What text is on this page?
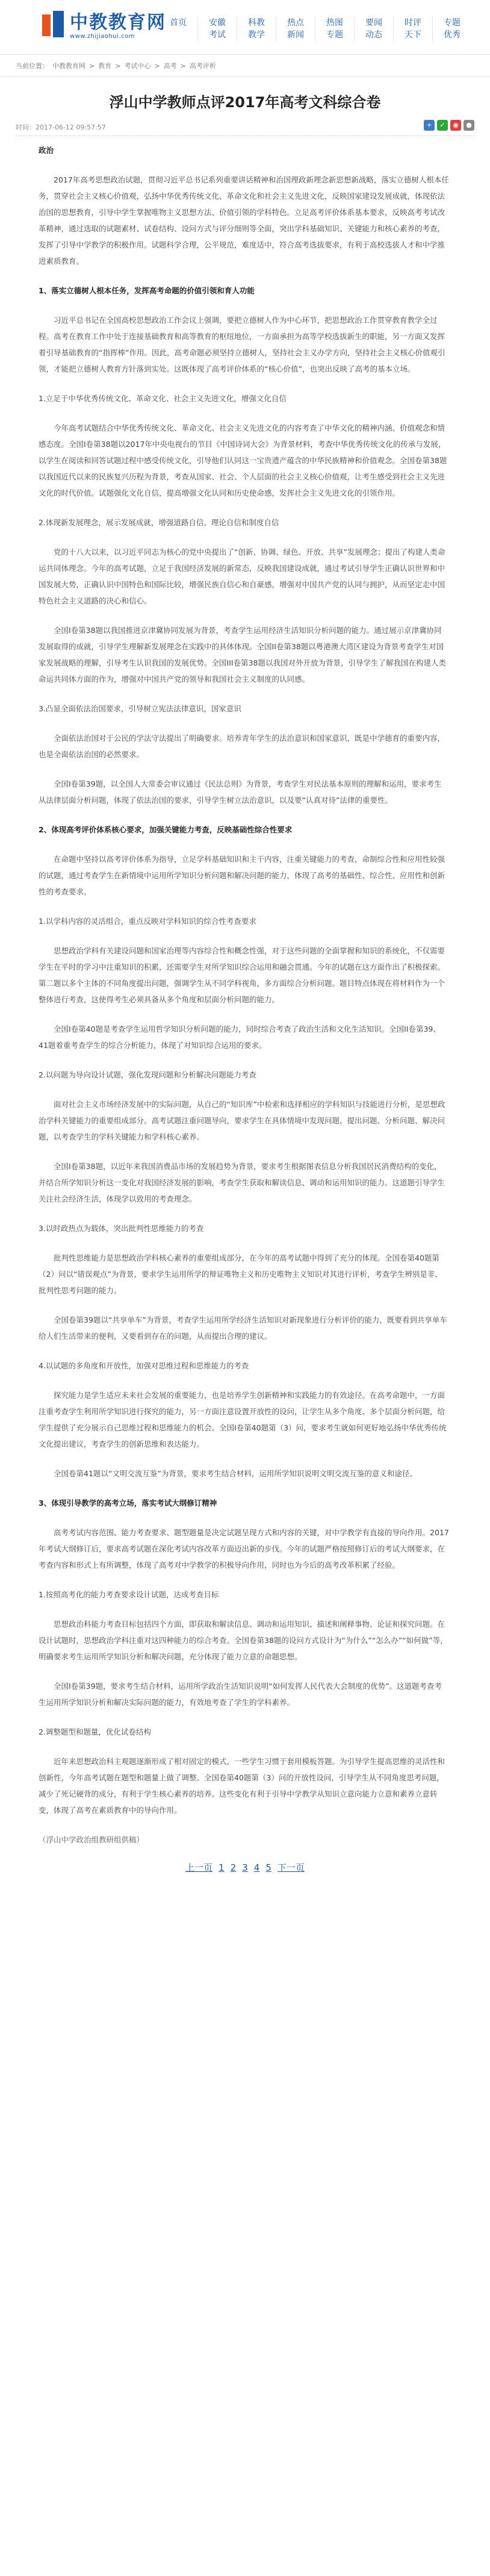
中教教育网
www.zhijiaohui.com
首页	安徽
考试
科教
教学
热点
新闻
热图
专题
要闻
动态
时评
天下
专题
优秀
当前位置： 中教教育网 > 教育 > 考试中心 > 高考 > 高考评析
浮山中学教师点评2017年高考文科综合卷
时间：2017-06-12 09:57:57	+	✓	◉	●

政治

2017年高考思想政治试题，贯彻习近平总书记系列重要讲话精神和治国理政新理念新思想新战略，落实立德树人根本任务，贯穿社会主义核心价值观，弘扬中华优秀传统文化、革命文化和社会主义先进文化，反映国家建设发展成就，体现依法治国的思想教育，引导中学生掌握唯物主义思想方法、价值引领的学科特色。立足高考评价体系基本要求，反映高考考试改革精神，通过选取的试题素材、试卷结构、设问方式与评分细则等全面，突出学科基础知识、关键能力和核心素养的考查，发挥了引导中学教学的积极作用。试题科学合理，公平规范，难度适中，符合高考选拔要求，有利于高校选拔人才和中学推进素质教育。

1、落实立德树人根本任务，发挥高考命题的价值引领和育人功能

习近平总书记在全国高校思想政治工作会议上强调，要把立德树人作为中心环节，把思想政治工作贯穿教育教学全过程。高考在教育工作中处于连接基础教育和高等教育的枢纽地位，一方面承担为高等学校选拔新生的职能，另一方面又发挥着引导基础教育的“指挥棒”作用。因此，高考命题必须坚持立德树人，坚持社会主义办学方向，坚持社会主义核心价值观引领，才能把立德树人教育方针落到实处。这既体现了高考评价体系的“核心价值”，也突出反映了高考的基本立场。

1.立足于中华优秀传统文化、革命文化、社会主义先进文化，增强文化自信

今年高考试题结合中华优秀传统文化、革命文化、社会主义先进文化的内容考查了中华文化的精神内涵、价值观念和情感态度。全国I卷第38题以2017年中央电视台的节目《中国诗词大会》为背景材料，考查中华优秀传统文化的传承与发展，以学生在阅读和回答试题过程中感受传统文化，引导他们认同这一宝贵遗产蕴含的中华民族精神和价值观念。全国卷第38题以我国近代以来的民族复兴历程为背景，考查从国家、社会、个人层面的社会主义核心价值观，让考生感受到社会主义先进文化的时代价值。试题强化文化自信，提高增强文化认同和历史使命感，发挥社会主义先进文化的引领作用。

2.体现新发展理念，展示发展成就，增强道路自信、理论自信和制度自信

党的十八大以来，以习近平同志为核心的党中央提出了“创新、协调、绿色、开放、共享”发展理念；提出了构建人类命运共同体理念。今年的高考试题，立足于我国经济发展的新常态，反映我国建设成就，通过考试引导学生正确认识世界和中国发展大势，正确认识中国特色和国际比较，增强民族自信心和自豪感，增强对中国共产党的认同与拥护，从而坚定走中国特色社会主义道路的决心和信心。

全国I卷第38题以我国推进京津冀协同发展为背景，考查学生运用经济生活知识分析问题的能力。通过展示京津冀协同发展取得的成就，引导学生理解新发展理念在实践中的具体体现。全国II卷第38题以粤港澳大湾区建设为背景考查学生对国家发展战略的理解，引导考生认识我国的发展优势。全国III卷第38题以我国对外开放为背景，引导学生了解我国在构建人类命运共同体方面的作为，增强对中国共产党的领导和我国社会主义制度的认同感。

3.凸显全面依法治国要求，引导树立宪法法律意识，国家意识

全面依法治国对于公民的学法守法提出了明确要求。培养青年学生的法治意识和国家意识，既是中学德育的重要内容，也是全面依法治国的必然要求。

全国I卷第39题，以全国人大常委会审议通过《民法总则》为背景，考查学生对民法基本原则的理解和运用，要求考生从法律层面分析问题，体现了依法治国的要求，引导学生树立法治意识，以及要“认真对待”法律的重要性。

2、体现高考评价体系核心要求，加强关键能力考查，反映基础性综合性要求

在命题中坚持以高考评价体系为指导，立足学科基础知识和主干内容，注重关键能力的考查，命制综合性和应用性较强的试题，通过考查学生在新情境中运用所学知识分析问题和解决问题的能力，体现了高考的基础性、综合性、应用性和创新性的考查要求。

1.以学科内容的灵活组合，重点反映对学科知识的综合性考查要求

思想政治学科有关建设问题和国家治理等内容综合性和概念性强，对于这些问题的全面掌握和知识的系统化，不仅需要学生在平时的学习中注重知识的积累，还需要学生对所学知识综合运用和融会贯通。今年的试题在这方面作出了积极探索。第二题以多个主体的不同角度提出问题，强调学生从不同学科视角，多方面综合分析问题。题目特点体现在将材料作为一个整体进行考查，这使得考生必须具备从多个角度和层面分析问题的能力。

全国I卷第40题是考查学生运用哲学知识分析问题的能力，同时综合考查了政治生活和文化生活知识。全国II卷第39、41题着重考查学生的综合分析能力，体现了对知识综合运用的要求。

2.以问题为导向设计试题，强化发现问题和分析解决问题能力考查

面对社会主义市场经济发展中的实际问题，从自己的“知识库”中检索和选择相应的学科知识与技能进行分析，是思想政治学科关键能力的重要组成部分。高考试题注重问题导向，要求学生在具体情境中发现问题、提出问题、分析问题、解决问题，以考查学生的学科关键能力和学科核心素养。

全国I卷第38题，以近年来我国消费品市场的发展趋势为背景，要求考生根据图表信息分析我国居民消费结构的变化，并结合所学知识分析这一变化对我国经济发展的影响，考查学生获取和解读信息、调动和运用知识的能力。这道题引导学生关注社会经济生活，体现学以致用的考查理念。

3.以时政热点为载体，突出批判性思维能力的考查

批判性思维能力是思想政治学科核心素养的重要组成部分，在今年的高考试题中得到了充分的体现。全国卷第40题第（2）问以“错误观点”为背景，要求学生运用所学的辩证唯物主义和历史唯物主义知识对其进行评析，考查学生辨别是非、批判性思考问题的能力。

全国卷第39题以“共享单车”为背景，考查学生运用所学经济生活知识对新现象进行分析评价的能力，既要看到共享单车给人们生活带来的便利，又要看到存在的问题，从而提出合理的建议。

4.以试题的多角度和开放性，加强对思维过程和思维能力的考查

探究能力是学生适应未来社会发展的重要能力，也是培养学生创新精神和实践能力的有效途径。在高考命题中，一方面注重考查学生利用所学知识进行探究的能力，另一方面注意设置开放性的设问，让学生从多个角度、多个层面分析问题，给学生提供了充分展示自己思维过程和思维能力的机会。全国I卷第40题第（3）问，要求考生就如何更好地弘扬中华优秀传统文化提出建议，考查学生的创新思维和表达能力。

全国卷第41题以“文明交流互鉴”为背景，要求考生结合材料，运用所学知识说明文明交流互鉴的意义和途径。

3、体现引导教学的高考立场，落实考试大纲修订精神

高考考试内容范围、能力考查要求、题型题量是决定试题呈现方式和内容的关键，对中学教学有直接的导向作用。2017年考试大纲修订后，要求高考试题在深化考试内容改革方面迈出新的步伐。今年的试题严格按照修订后的考试大纲要求，在考查内容和形式上有所调整，体现了高考对中学教学的积极导向作用，同时也为今后的高考改革积累了经验。

1.按照高考化的能力考查要求设计试题，达成考查目标

思想政治科能力考查目标包括四个方面，即获取和解读信息、调动和运用知识、描述和阐释事物、论证和探究问题。在设计试题时，思想政治学科注重对这四种能力的综合考查。全国卷第38题的设问方式设计为“为什么”“怎么办”“如何做”等，明确要求考生运用所学知识分析和解决问题，充分体现了能力立意的命题思想。

全国I卷第39题，要求考生结合材料，运用所学政治生活知识说明“如何发挥人民代表大会制度的优势”。这道题考查考生运用所学知识分析和解决实际问题的能力，有效地考查了学生的学科素养。

2.调整题型和题量，优化试卷结构

近年来思想政治科主观题逐渐形成了相对固定的模式，一些学生习惯于套用模板答题。为引导学生提高思维的灵活性和创新性，今年高考试题在题型和题量上做了调整。全国卷第40题第（3）问的开放性设问，引导学生从不同角度思考问题，减少了死记硬背的成分，有利于学生核心素养的培养。这些变化有利于引导中学教学从知识立意向能力立意和素养立意转变，体现了高考在素质教育中的导向作用。

（浮山中学政治组教研组供稿）

上一页 1 2 3 4 5 下一页
